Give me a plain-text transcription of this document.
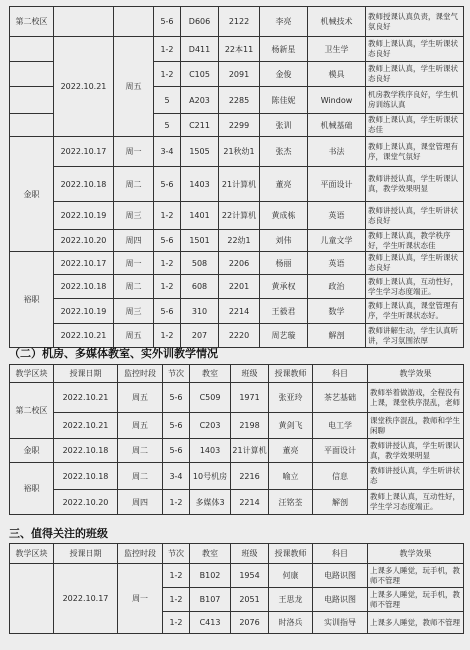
第二校区			5-6	D606	2122	李亮	机械技术	教师授课认真负责，课堂气氛良好
	2022.10.21	周五	1-2	D411	22本11	杨新星	卫生学	教师上课认真，学生听课状态良好
			1-2	C105	2091	金俊	模具	教师上课认真，学生听课状态良好
			5	A203	2285	陈佳妮	Window	机房教学秩序良好，学生机房训练认真
			5	C211	2299	张训	机械基础	教师上课认真，学生听课状态佳
金职	2022.10.17	周一	3-4	1505	21秋幼1	张杰	书法	教师上课认真，课堂管理有序，课堂气氛好
	2022.10.18	周二	5-6	1403	21计算机	董亮	平面设计	教师讲授认真，学生听课认真，教学效果明显
	2022.10.19	周三	1-2	1401	22计算机	黄成栋	英语	教师讲授认真，学生听讲状态良好
	2022.10.20	周四	5-6	1501	22幼1	刘伟	儿童文学	教师上课认真，教学秩序好，学生听课状态佳
裕职	2022.10.17	周一	1-2	508	2206	杨丽	英语	教师上课认真，学生听课状态良好
	2022.10.18	周二	1-2	608	2201	黄承权	政治	教师上课认真，互动性好，学生学习态度端正。
	2022.10.19	周三	5-6	310	2214	王毅君	数学	教师上课认真，课堂管理有序，学生听课状态好。
	2022.10.21	周五	1-2	207	2220	周艺璇	解剖	教师讲解生动，学生认真听讲，学习氛围浓厚
（二）机房、多媒体教室、实外训教学情况
教学区块	授课日期	监控时段	节次	教室	班级	授课教师	科目	教学效果
第二校区	2022.10.21	周五	5-6	C509	1971	张亚玲	茶艺基础	教师举着做游戏，全程没有上课，课堂秩序混乱，老师
	2022.10.21	周五	5-6	C203	2198	黄剑飞	电工学	课堂秩序混乱，教师和学生闲聊
金职	2022.10.18	周二	5-6	1403	21计算机	董亮	平面设计	教师讲授认真，学生听课认真，教学效果明显
裕职	2022.10.18	周二	3-4	10号机房	2216	喻立	信息	教师讲授认真，学生听讲状态
	2022.10.20	周四	1-2	多媒体3	2214	汪铭荃	解剖	教师上课认真，互动性好，学生学习态度端正。
三、值得关注的班级
教学区块	授课日期	监控时段	节次	教室	班级	授课教师	科目	教学效果
	2022.10.17	周一	1-2	B102	1954	何康	电路识图	上课多人睡觉，玩手机，教师不管理
			1-2	B107	2051	王思龙	电路识图	上课多人睡觉，玩手机，教师不管理
			1-2	C413	2076	时洛兵	实训指导	上课多人睡觉，教师不管理
